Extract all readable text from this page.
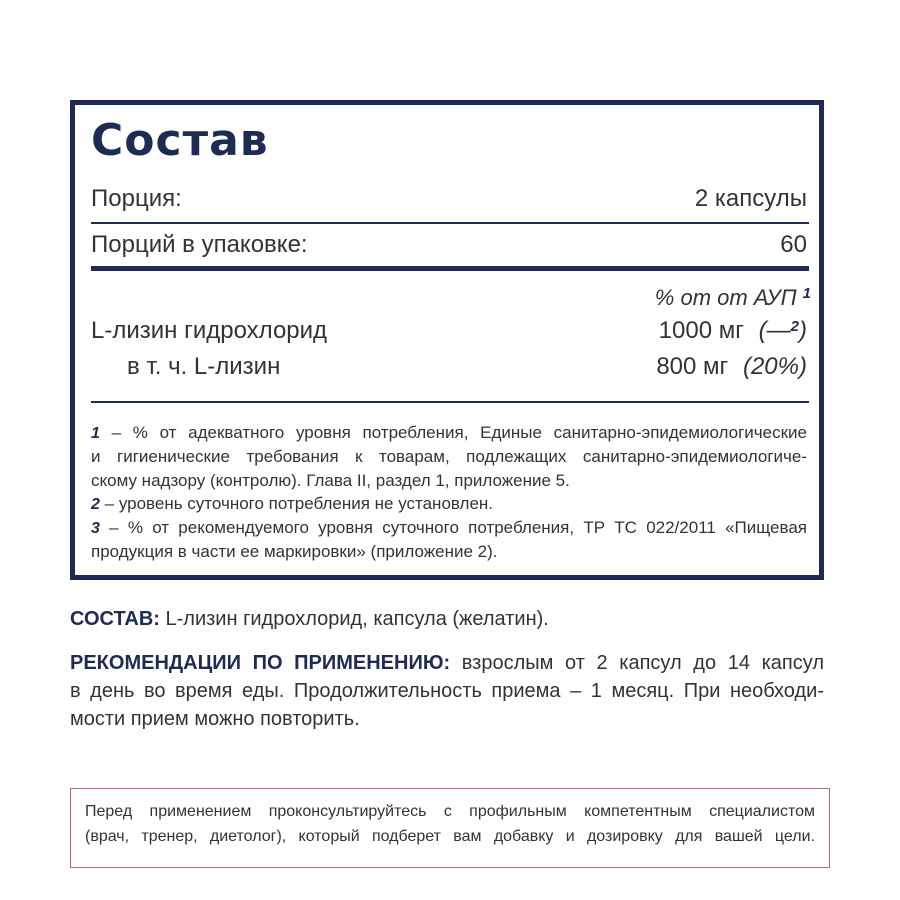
Состав
Порция:	2 капсулы
Порций в упаковке:	60
% от от АУП $^1$
L-лизин гидрохлорид	1000 мг (—$^2$)
в т. ч. L-лизин	800 мг (20%)
1 – % от адекватного уровня потребления, Единые санитарно-эпидемиологические
и гигиенические требования к товарам, подлежащих санитарно-эпидемиологиче-
скому надзору (контролю). Глава II, раздел 1, приложение 5.
2 – уровень суточного потребления не установлен.
3 – % от рекомендуемого уровня суточного потребления, ТР ТС 022/2011 «Пищевая
продукция в части ее маркировки» (приложение 2).
СОСТАВ: L-лизин гидрохлорид, капсула (желатин).
РЕКОМЕНДАЦИИ ПО ПРИМЕНЕНИЮ: взрослым от 2 капсул до 14 капсул
в день во время еды. Продолжительность приема – 1 месяц. При необходи-
мости прием можно повторить.
Перед применением проконсультируйтесь с профильным компетентным специалистом
(врач, тренер, диетолог), который подберет вам добавку и дозировку для вашей цели.
